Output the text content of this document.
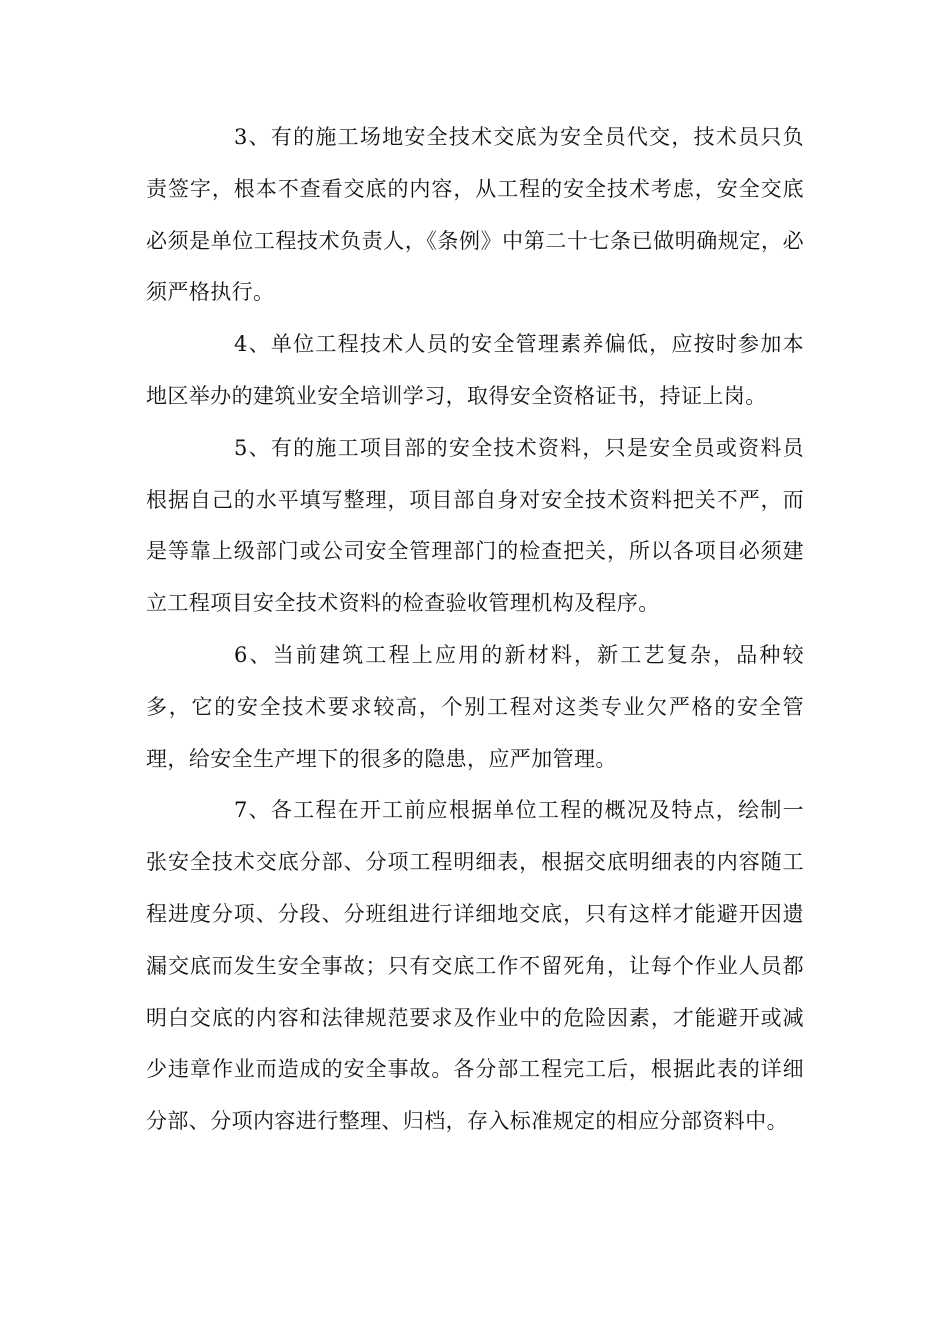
3、有的施工场地安全技术交底为安全员代交，技术员只负责签字，根本不查看交底的内容，从工程的安全技术考虑，安全交底必须是单位工程技术负责人，《条例》中第二十七条已做明确规定，必须严格执行。

4、单位工程技术人员的安全管理素养偏低，应按时参加本地区举办的建筑业安全培训学习，取得安全资格证书，持证上岗。

5、有的施工项目部的安全技术资料，只是安全员或资料员根据自己的水平填写整理，项目部自身对安全技术资料把关不严，而是等靠上级部门或公司安全管理部门的检查把关，所以各项目必须建立工程项目安全技术资料的检查验收管理机构及程序。

6、当前建筑工程上应用的新材料，新工艺复杂，品种较多，它的安全技术要求较高，个别工程对这类专业欠严格的安全管理，给安全生产埋下的很多的隐患，应严加管理。

7、各工程在开工前应根据单位工程的概况及特点，绘制一张安全技术交底分部、分项工程明细表，根据交底明细表的内容随工程进度分项、分段、分班组进行详细地交底，只有这样才能避开因遗漏交底而发生安全事故；只有交底工作不留死角，让每个作业人员都明白交底的内容和法律规范要求及作业中的危险因素，才能避开或减少违章作业而造成的安全事故。各分部工程完工后，根据此表的详细分部、分项内容进行整理、归档，存入标准规定的相应分部资料中。
